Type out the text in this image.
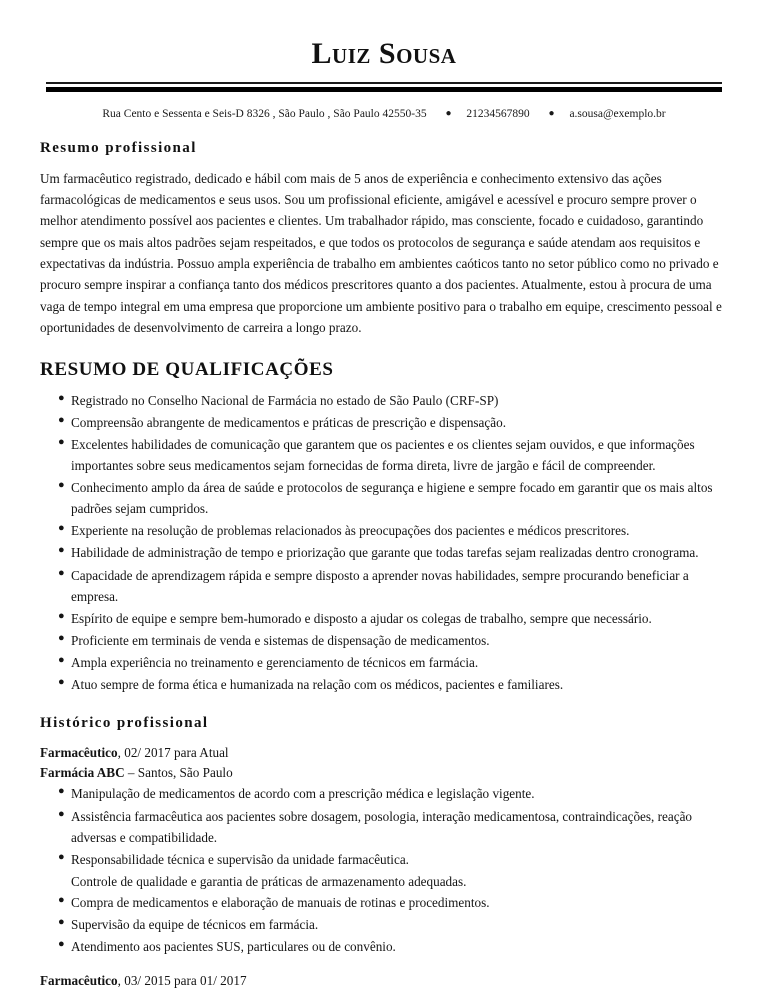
Luiz Sousa
Rua Cento e Sessenta e Seis-D 8326 , São Paulo , São Paulo 42550-35 ● 21234567890 ● a.sousa@exemplo.br
Resumo profissional
Um farmacêutico registrado, dedicado e hábil com mais de 5 anos de experiência e conhecimento extensivo das ações farmacológicas de medicamentos e seus usos. Sou um profissional eficiente, amigável e acessível e procuro sempre prover o melhor atendimento possível aos pacientes e clientes. Um trabalhador rápido, mas consciente, focado e cuidadoso, garantindo sempre que os mais altos padrões sejam respeitados, e que todos os protocolos de segurança e saúde atendam aos requisitos e expectativas da indústria. Possuo ampla experiência de trabalho em ambientes caóticos tanto no setor público como no privado e procuro sempre inspirar a confiança tanto dos médicos prescritores quanto a dos pacientes. Atualmente, estou à procura de uma vaga de tempo integral em uma empresa que proporcione um ambiente positivo para o trabalho em equipe, crescimento pessoal e oportunidades de desenvolvimento de carreira a longo prazo.
RESUMO DE QUALIFICAÇÕES
● Registrado no Conselho Nacional de Farmácia no estado de São Paulo (CRF-SP)
● Compreensão abrangente de medicamentos e práticas de prescrição e dispensação.
● Excelentes habilidades de comunicação que garantem que os pacientes e os clientes sejam ouvidos, e que informações importantes sobre seus medicamentos sejam fornecidas de forma direta, livre de jargão e fácil de compreender.
● Conhecimento amplo da área de saúde e protocolos de segurança e higiene e sempre focado em garantir que os mais altos padrões sejam cumpridos.
● Experiente na resolução de problemas relacionados às preocupações dos pacientes e médicos prescritores.
● Habilidade de administração de tempo e priorização que garante que todas tarefas sejam realizadas dentro cronograma.
● Capacidade de aprendizagem rápida e sempre disposto a aprender novas habilidades, sempre procurando beneficiar a empresa.
● Espírito de equipe e sempre bem-humorado e disposto a ajudar os colegas de trabalho, sempre que necessário.
● Proficiente em terminais de venda e sistemas de dispensação de medicamentos.
● Ampla experiência no treinamento e gerenciamento de técnicos em farmácia.
● Atuo sempre de forma ética e humanizada na relação com os médicos, pacientes e familiares.
Histórico profissional
Farmacêutico, 02/ 2017 para Atual
Farmácia ABC – Santos, São Paulo
● Manipulação de medicamentos de acordo com a prescrição médica e legislação vigente.
● Assistência farmacêutica aos pacientes sobre dosagem, posologia, interação medicamentosa, contraindicações, reação adversas e compatibilidade.
● Responsabilidade técnica e supervisão da unidade farmacêutica.
Controle de qualidade e garantia de práticas de armazenamento adequadas.
● Compra de medicamentos e elaboração de manuais de rotinas e procedimentos.
● Supervisão da equipe de técnicos em farmácia.
● Atendimento aos pacientes SUS, particulares ou de convênio.
Farmacêutico, 03/ 2015 para 01/ 2017
